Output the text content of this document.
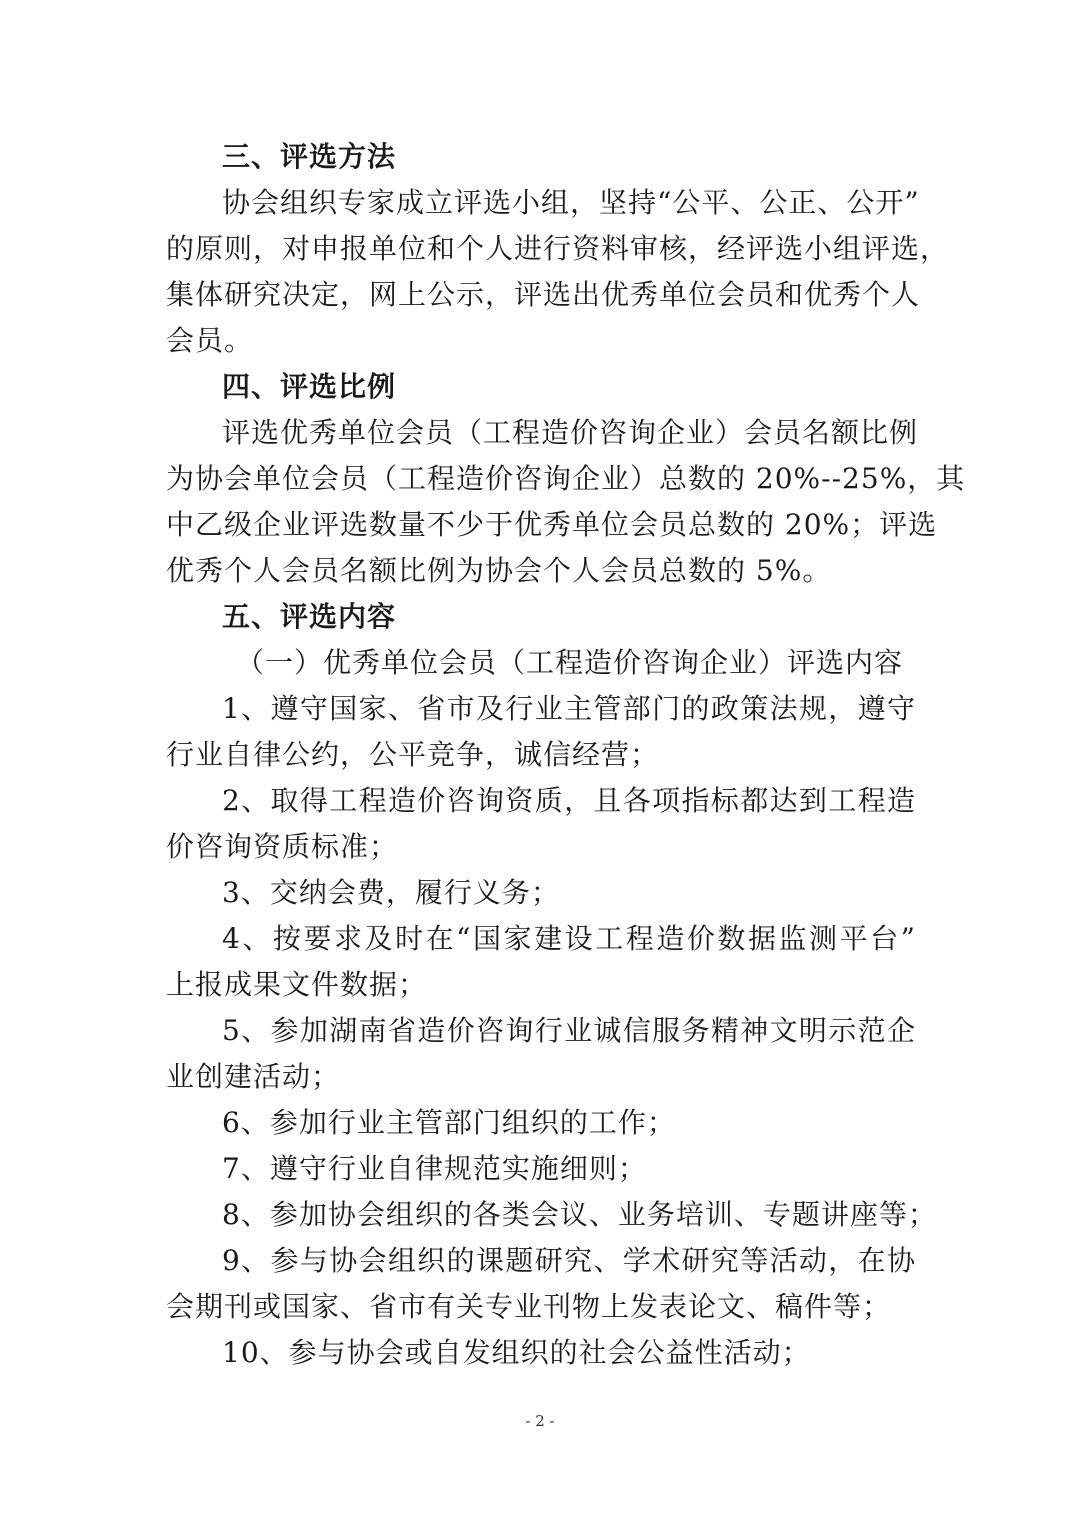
三、评选方法
协会组织专家成立评选小组，坚持“公平、公正、公开”
的原则，对申报单位和个人进行资料审核，经评选小组评选，
集体研究决定，网上公示，评选出优秀单位会员和优秀个人
会员。
四、评选比例
评选优秀单位会员（工程造价咨询企业）会员名额比例
为协会单位会员（工程造价咨询企业）总数的 20%--25%，其
中乙级企业评选数量不少于优秀单位会员总数的 20%；评选
优秀个人会员名额比例为协会个人会员总数的 5%。
五、评选内容
（一）优秀单位会员（工程造价咨询企业）评选内容
1、遵守国家、省市及行业主管部门的政策法规，遵守
行业自律公约，公平竞争，诚信经营；
2、取得工程造价咨询资质，且各项指标都达到工程造
价咨询资质标准；
3、交纳会费，履行义务；
4、按要求及时在“国家建设工程造价数据监测平台”
上报成果文件数据；
5、参加湖南省造价咨询行业诚信服务精神文明示范企
业创建活动；
6、参加行业主管部门组织的工作；
7、遵守行业自律规范实施细则；
8、参加协会组织的各类会议、业务培训、专题讲座等；
9、参与协会组织的课题研究、学术研究等活动，在协
会期刊或国家、省市有关专业刊物上发表论文、稿件等；
10、参与协会或自发组织的社会公益性活动；
- 2 -
